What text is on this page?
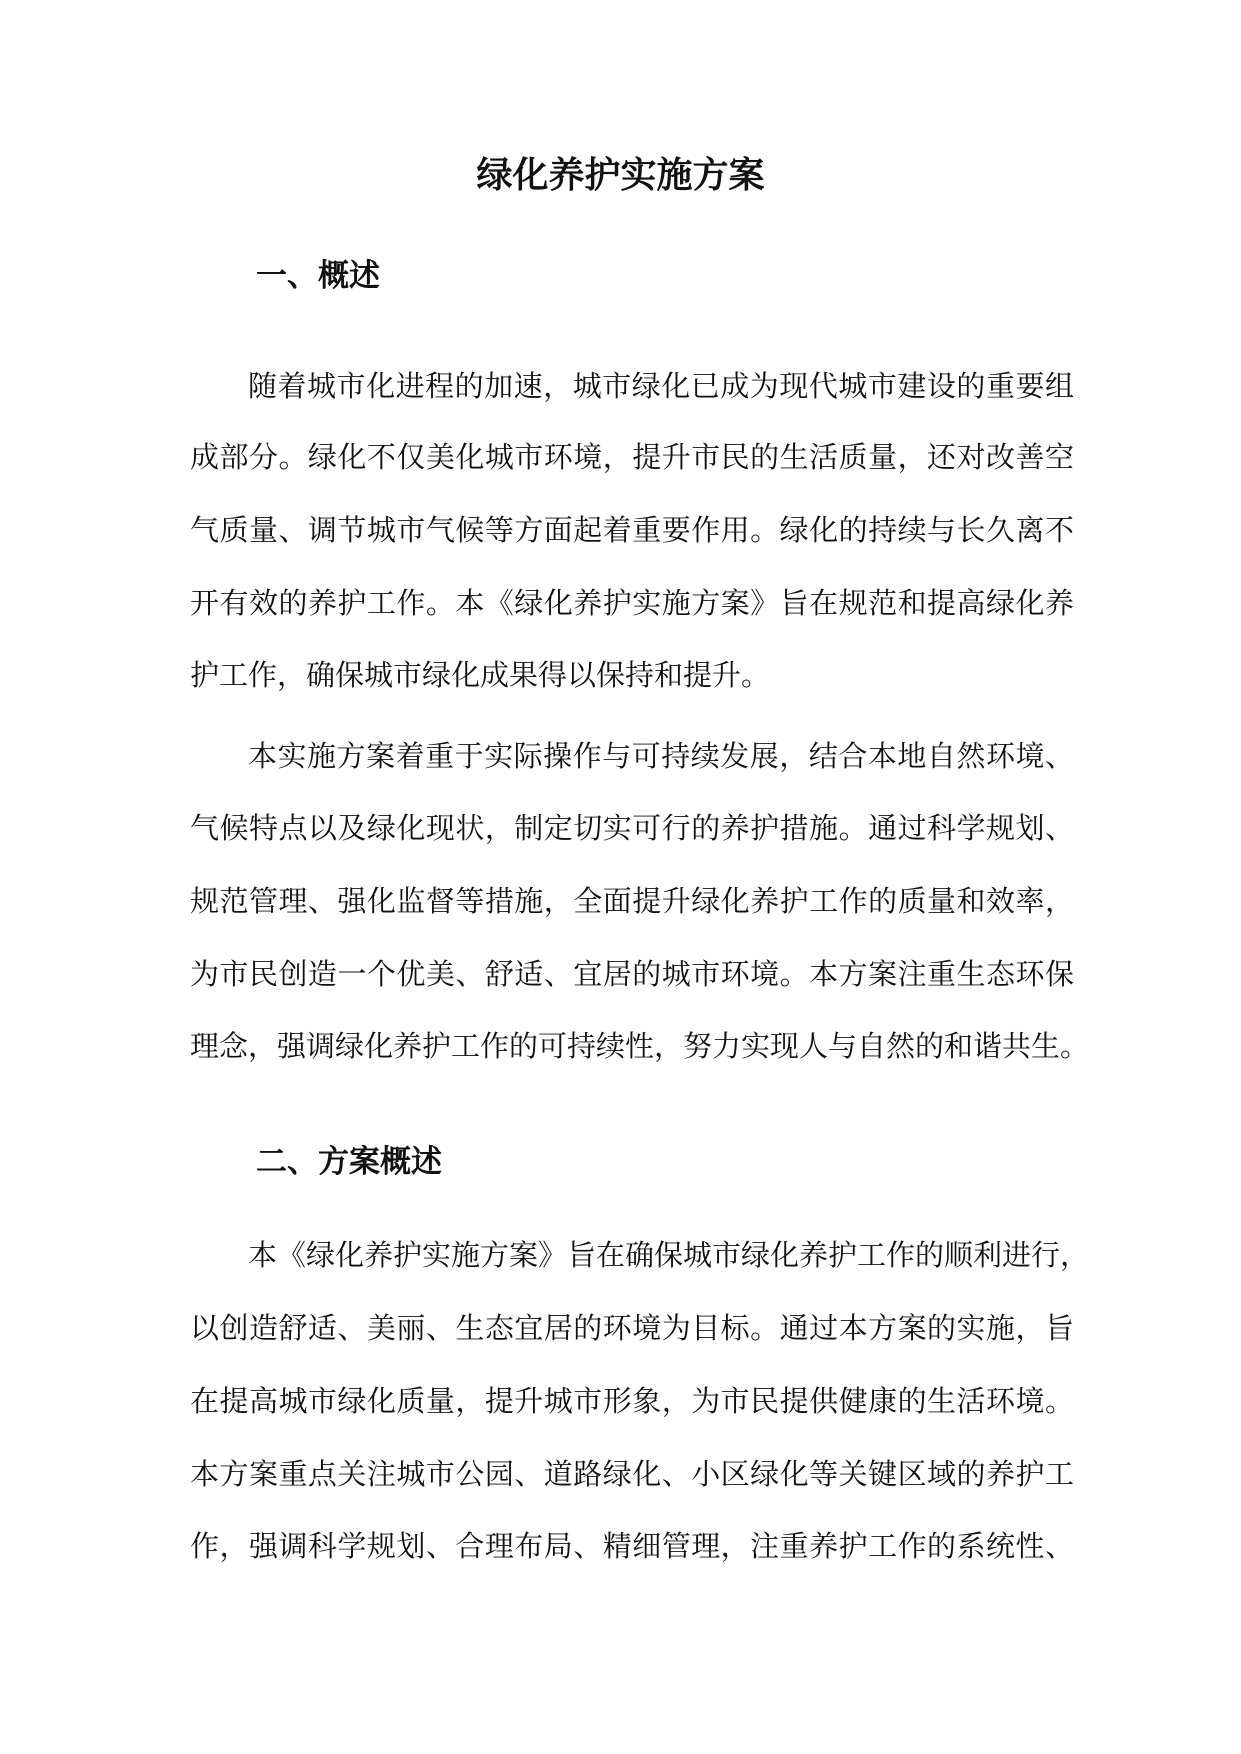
绿化养护实施方案
一、概述

随着城市化进程的加速，城市绿化已成为现代城市建设的重要组

成部分。绿化不仅美化城市环境，提升市民的生活质量，还对改善空

气质量、调节城市气候等方面起着重要作用。绿化的持续与长久离不

开有效的养护工作。本《绿化养护实施方案》旨在规范和提高绿化养

护工作，确保城市绿化成果得以保持和提升。

本实施方案着重于实际操作与可持续发展，结合本地自然环境、

气候特点以及绿化现状，制定切实可行的养护措施。通过科学规划、

规范管理、强化监督等措施，全面提升绿化养护工作的质量和效率，

为市民创造一个优美、舒适、宜居的城市环境。本方案注重生态环保

理念，强调绿化养护工作的可持续性，努力实现人与自然的和谐共生。

二、方案概述

本《绿化养护实施方案》旨在确保城市绿化养护工作的顺利进行，

以创造舒适、美丽、生态宜居的环境为目标。通过本方案的实施，旨

在提高城市绿化质量，提升城市形象，为市民提供健康的生活环境。

本方案重点关注城市公园、道路绿化、小区绿化等关键区域的养护工

作，强调科学规划、合理布局、精细管理，注重养护工作的系统性、
